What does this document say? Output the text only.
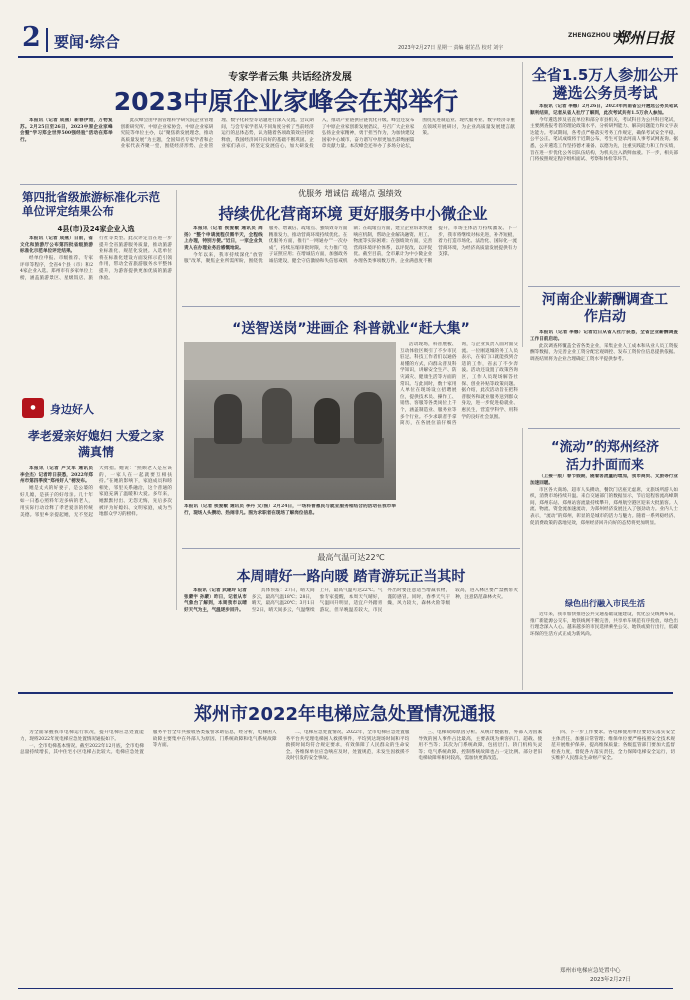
2 要闻·综合	2023年2月27日 星期一 责编 谢芷昌 校对 刘宇
ZHENGZHOU DAILY
郑州日报
专家学者云集 共话经济发展
2023中原企业家峰会在郑举行

本报讯（记者 成燕）新春伊始，万物复苏。2月25日至26日，2023中原企业家峰会暨“学习郑企世界500强经验”活动在郑举行。

此次峰会由中国管理科学研究院企业管理创新研究所、中原企业家协会、中原企业家研究院等单位主办，以“聚焦新发展理念，推动高质量发展”为主题，全国知名专家学者和企业家代表齐聚一堂，围绕经济形势、企业管理、数字化转型等话题进行深入交流。会议期间，与会专家学者从不同角度分析了当前经济运行的总体态势，认为随着各项政策效应持续释放，我国经济回升向好的基础不断巩固。企业家们表示，将坚定发展信心，加大研发投入，推动产业链供应链优化升级。峰会还发布了中原企业家创新发展倡议，号召广大企业家弘扬企业家精神，勇于担当作为，为加快建设国家中心城市、奋力谱写中原更加出彩绚丽篇章贡献力量。本次峰会还举办了多场分论坛，围绕先进制造业、现代服务业、数字经济等重点领域开展研讨，为企业高质量发展建言献策。

全省1.5万人参加公开遴选公务员考试

本报讯（记者 李娜）2月26日，2023年河南省公开遴选公务员笔试顺利结束，记者从省人社厅了解到，此次考试共有1.5万余人参加。

今年遴选涉及省直单位和部分市县机关，考试科目为公共科目笔试，主要测查报考者的理论政策水平、分析研判能力、解决问题能力和文字表达能力。考试期间，各考点严格落实考务工作规定，确保考试安全平稳、公平公正。笔试成绩将于近期公布，考生可登录河南人事考试网查询。据悉，公开遴选工作坚持德才兼备、以德为先，注重实践能力和工作实绩，旨在进一步优化公务员队伍结构，为机关注入新鲜血液。下一步，相关部门将按照规定程序组织面试、考察和体检等环节。

河南企业薪酬调查工作启动

本报讯（记者 李娜）记者近日从省人社厅获悉，全省企业薪酬调查工作日前启动。

此次调查将覆盖全省各类企业，采集企业人工成本和从业人员工资报酬等数据，为完善企业工资分配宏观调控、发布工资价位信息提供依据。调查结果将为企业合理确定工资水平提供参考。

第四批省级旅游标准化示范单位评定结果公布
4县(市)及24家企业入选

本报讯（记者 成燕）日前，省文化和旅游厅公布第四批省级旅游标准化示范单位评定结果。

经单位申报、市级推荐、专家评审等程序，全省4个县（市）和24家企业入选。郑州市有多家单位上榜，涵盖旅游景区、星级饭店、旅行社等类型。此次评定旨在进一步提升全省旅游服务质量，推动旅游业标准化、规范化发展。入选单位将在标准化建设方面发挥示范引领作用，带动全省旅游服务水平整体提升，为游客提供更加优质的旅游体验。

●	身边好人
孝老爱亲好媳妇 大爱之家满真情

本报讯（记者 卢文军 通讯员 李会杰）记者昨日获悉，2022年郑州市第四季度“郑州好人”榜发布。

她是丈夫的好妻子，是公婆的好儿媳，是孩子的好母亲。几十年如一日悉心照料年迈多病的老人，用实际行动诠释了孝老爱亲的传统美德。邻里乡亲提起她，无不竖起大拇指。她说：“照顾老人是应该的，一家人在一起就要互相扶持。”在她的影响下，家庭成员和睦相处，邻里关系融洽，这个普通的家庭充满了温暖和大爱。多年来，她默默付出、无怨无悔，先后多次被评为好媳妇、文明家庭，成为当地群众学习的榜样。

优服务 增诚信 疏堵点 强绩效
持续优化营商环境 更好服务中小微企业

本报讯（记者 侯爱敏 通讯员 周扬）“整个申请流程仅需半天，全程线上办理，特别方便。”近日，一家企业负责人在办理业务后感慨地说。

今年以来，我市持续深化“放管服”改革，聚焦企业所需所盼，围绕优服务、增诚信、疏堵点、强绩效等方面精准发力，推动营商环境持续优化。在优服务方面，推行“一网通办”“一次办成”，持续压缩审批时限，大力推广电子证照应用；在增诚信方面，加强政务诚信建设，健全守信激励和失信惩戒机制；在疏堵点方面，建立企业诉求快速响应机制，帮助企业解决融资、用工、物流等实际困难；在强绩效方面，完善营商环境评价体系，以评促改、以评促优。截至目前，全市累计为中小微企业办理各类事项数万件，企业满意度不断提升，市场主体活力持续激发。下一步，我市将继续对标先进，补齐短板，着力打造市场化、法治化、国际化一流营商环境，为经济高质量发展提供有力支撑。

“送智送岗”进画企 科普就业“赶大集”

本报讯（记者 侯爱敏 通讯员 李丹 文/图）2月24日，一场科普惠民与就业服务相结合的活动在我市举行，现场人头攒动、热闹非凡。图为求职者在现场了解岗位信息。

活动现场，科普展板、互动体验区吸引了不少市民驻足。科技工作者们以通俗易懂的方式，向群众普及科学知识，讲解安全生产、防灾减灾、健康生活等方面的常识。与此同时，数十家用人单位在现场设立招聘展位，提供技术员、操作工、销售、客服等各类岗位上千个，涵盖制造业、服务业等多个行业。不少求职者手拿简历，在各展位前仔细咨询，与企业负责人面对面交流。一位刚返城的务工人员表示，在家门口就能找到合适的工作，省去了不少奔波。活动还设置了政策咨询区，工作人员现场解答社保、创业补贴等政策问题。据介绍，此次活动旨在把科普服务和就业服务送到群众身边，进一步促进稳就业、惠民生，营造学科学、用科学的良好社会氛围。

“流动”的郑州经济
活力扑面而来

（上接一版）春节假期，随着客流量的增加，我市商贸、文旅等行业加速回暖。

市区各大商场、超市人头攒动，餐饮门店座无虚席，文旅场所游人如织，消费市场持续升温。来自交通部门的数据显示，节后返程客流高峰期间，郑州东站、郑州站客流量持续攀升，郑州航空港区迎来大批旅客。人流、物流、资金流加速流动，为郑州经济发展注入了强劲动力。业内人士表示，“流动”的郑州，彰显的是城市的活力与魅力。随着一系列稳经济、促消费政策的落地见效，郑州经济回升向好的态势将更加明显。

绿色出行融入市民生活

近年来，我市加快推进公共交通基础设施建设，优化公交线网布局，推广新能源公交车，地铁线网不断完善，共享单车规范有序投放，绿色出行理念深入人心。越来越多的市民选择乘坐公交、地铁或骑行出行，低碳环保的生活方式正成为新风尚。

最高气温可达22℃
本周晴好一路向暖 踏青游玩正当其时

本报讯（记者 武建玲 记者张蒙宇 孙蒙）昨日，记者从市气象台了解到，本周我市以晴好天气为主，气温逐步回升。

具体预报：27日，晴天间多云，最高气温18℃；28日，晴天，最高气温20℃；3月1日至2日，晴天间多云，气温继续上升，最高气温可达22℃。气象专家提醒，本周天气晴好，气温回升明显，适宜户外踏青游玩，但早晚温差较大，市民外出时要注意适当增减衣物，谨防感冒。同时，春季天气干燥，风力较大，森林火险等级较高，进入林区要严禁携带火种，注意防范森林火灾。

郑州市2022年电梯应急处置情况通报

为全面掌握我市电梯运行状况，提升电梯应急处置能力，现将2022年度电梯应急处置情况通报如下。

一、全市电梯基本情况。截至2022年12月底，全市电梯总量持续增长，其中住宅小区电梯占比较大。电梯应急处置服务平台全年共接收各类报警求助信息，经分析，电梯困人故障主要集中在外部人为原因、门系统故障和电气系统故障等方面。

二、电梯应急处置情况。2022年，全市电梯应急处置服务平台共受理电梯困人救援事件，平均到达现场时间和平均救援时间均符合规定要求，有效保障了人民群众的生命安全。各维保单位应急响应及时，处置规范，未发生因救援不及时引发的安全事故。

三、电梯故障原因分析。从统计数据看，外部人为因素导致的困人事件占比最高，主要表现为乘客扒门、超载、使用不当等；其次为门系统故障，包括层门、轿门机构失灵等；电气系统故障、控制系统故障也占一定比例。部分老旧电梯故障率相对较高，需加快更新改造。

四、下一步工作要求。各电梯使用单位要切实落实安全主体责任，加强日常管理；维保单位要严格按照安全技术规范开展维护保养，提高维保质量；各级监管部门要加大监督检查力度，督促各方落实责任，全力保障电梯安全运行，切实维护人民群众生命财产安全。

郑州市电梯应急处置中心
2023年2月27日
